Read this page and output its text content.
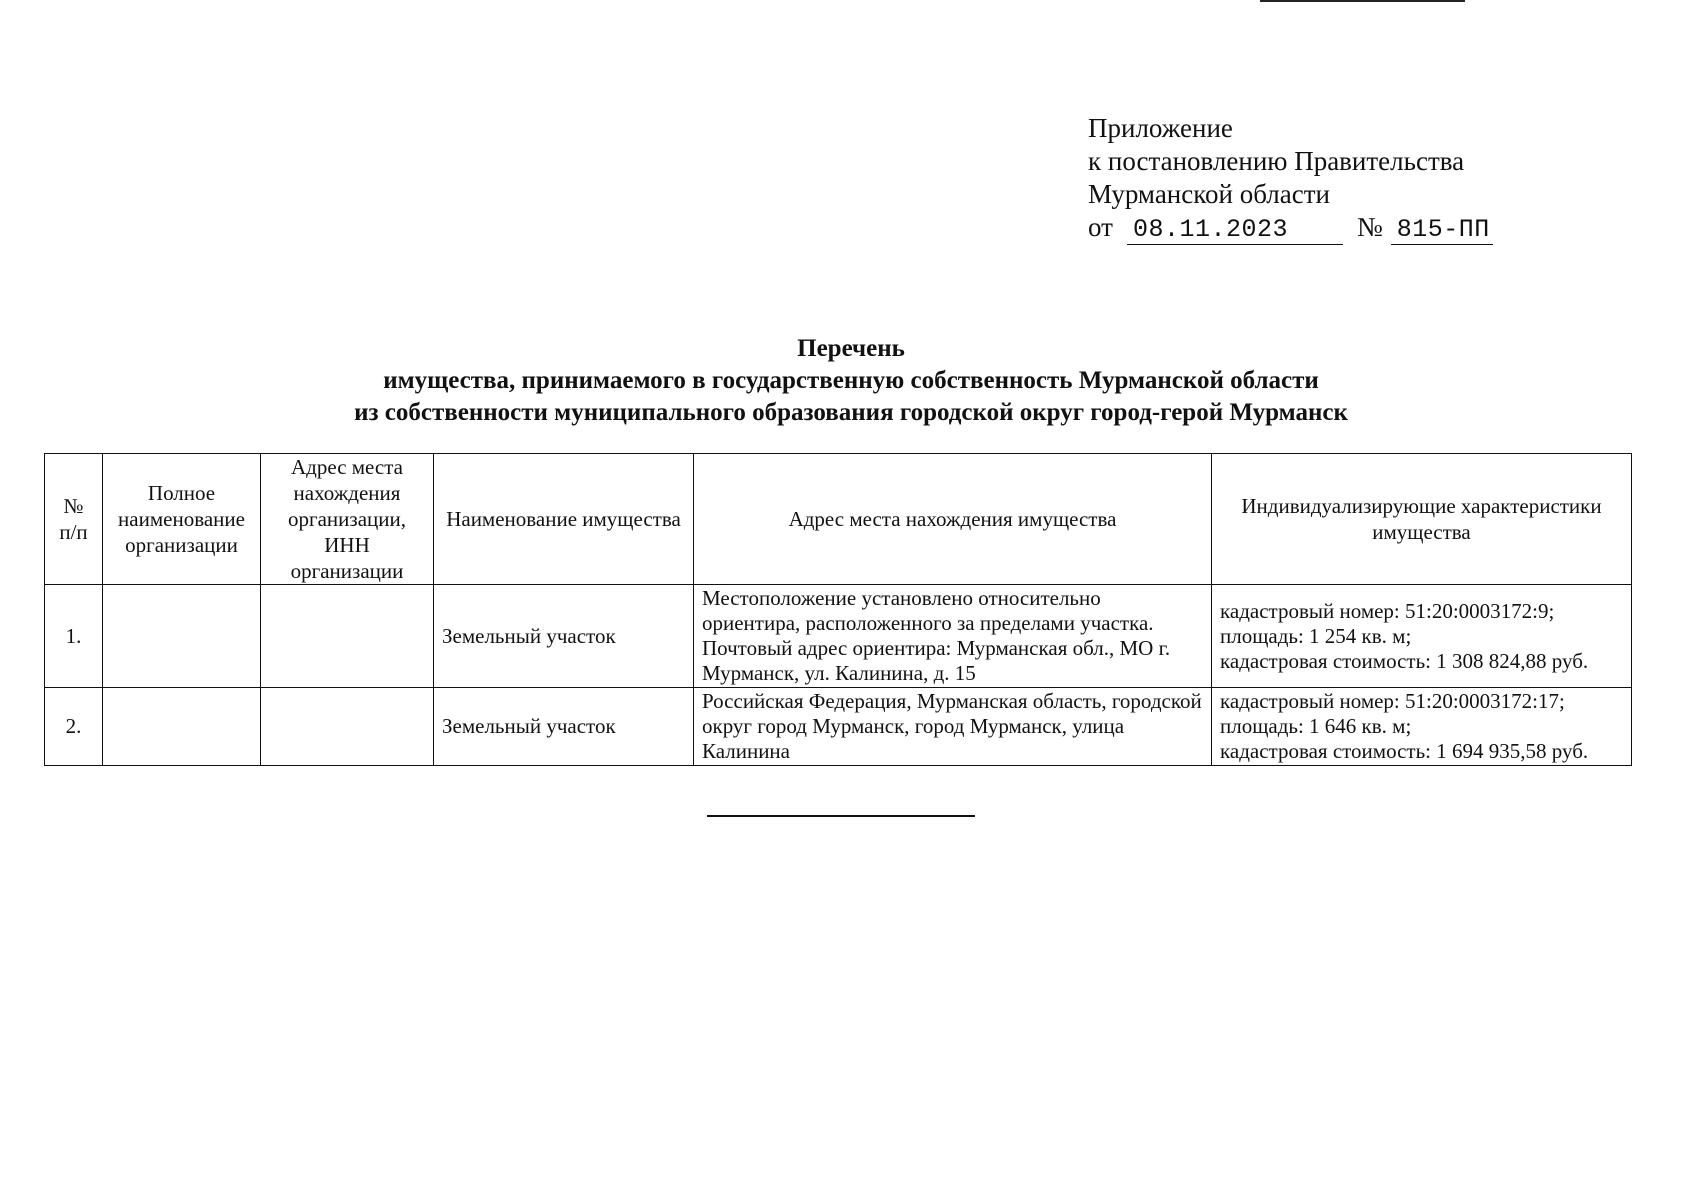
Приложение
к постановлению Правительства
Мурманской области
от 08.11.2023	№ 815-ПП
Перечень
имущества, принимаемого в государственную собственность Мурманской области
из собственности муниципального образования городской округ город-герой Мурманск
№ п/п	Полное наименование организации	Адрес места нахождения организации, ИНН организации	Наименование имущества	Адрес места нахождения имущества	Индивидуализирующие характеристики имущества
1.			Земельный участок	Местоположение установлено относительно ориентира, расположенного за пределами участка. Почтовый адрес ориентира: Мурманская обл., МО г. Мурманск, ул. Калинина, д. 15	кадастровый номер: 51:20:0003172:9;
площадь: 1 254 кв. м;
кадастровая стоимость: 1 308 824,88 руб.

2.			Земельный участок	Российская Федерация, Мурманская область, городской округ город Мурманск, город Мурманск, улица Калинина	кадастровый номер: 51:20:0003172:17;
площадь: 1 646 кв. м;
кадастровая стоимость: 1 694 935,58 руб.
